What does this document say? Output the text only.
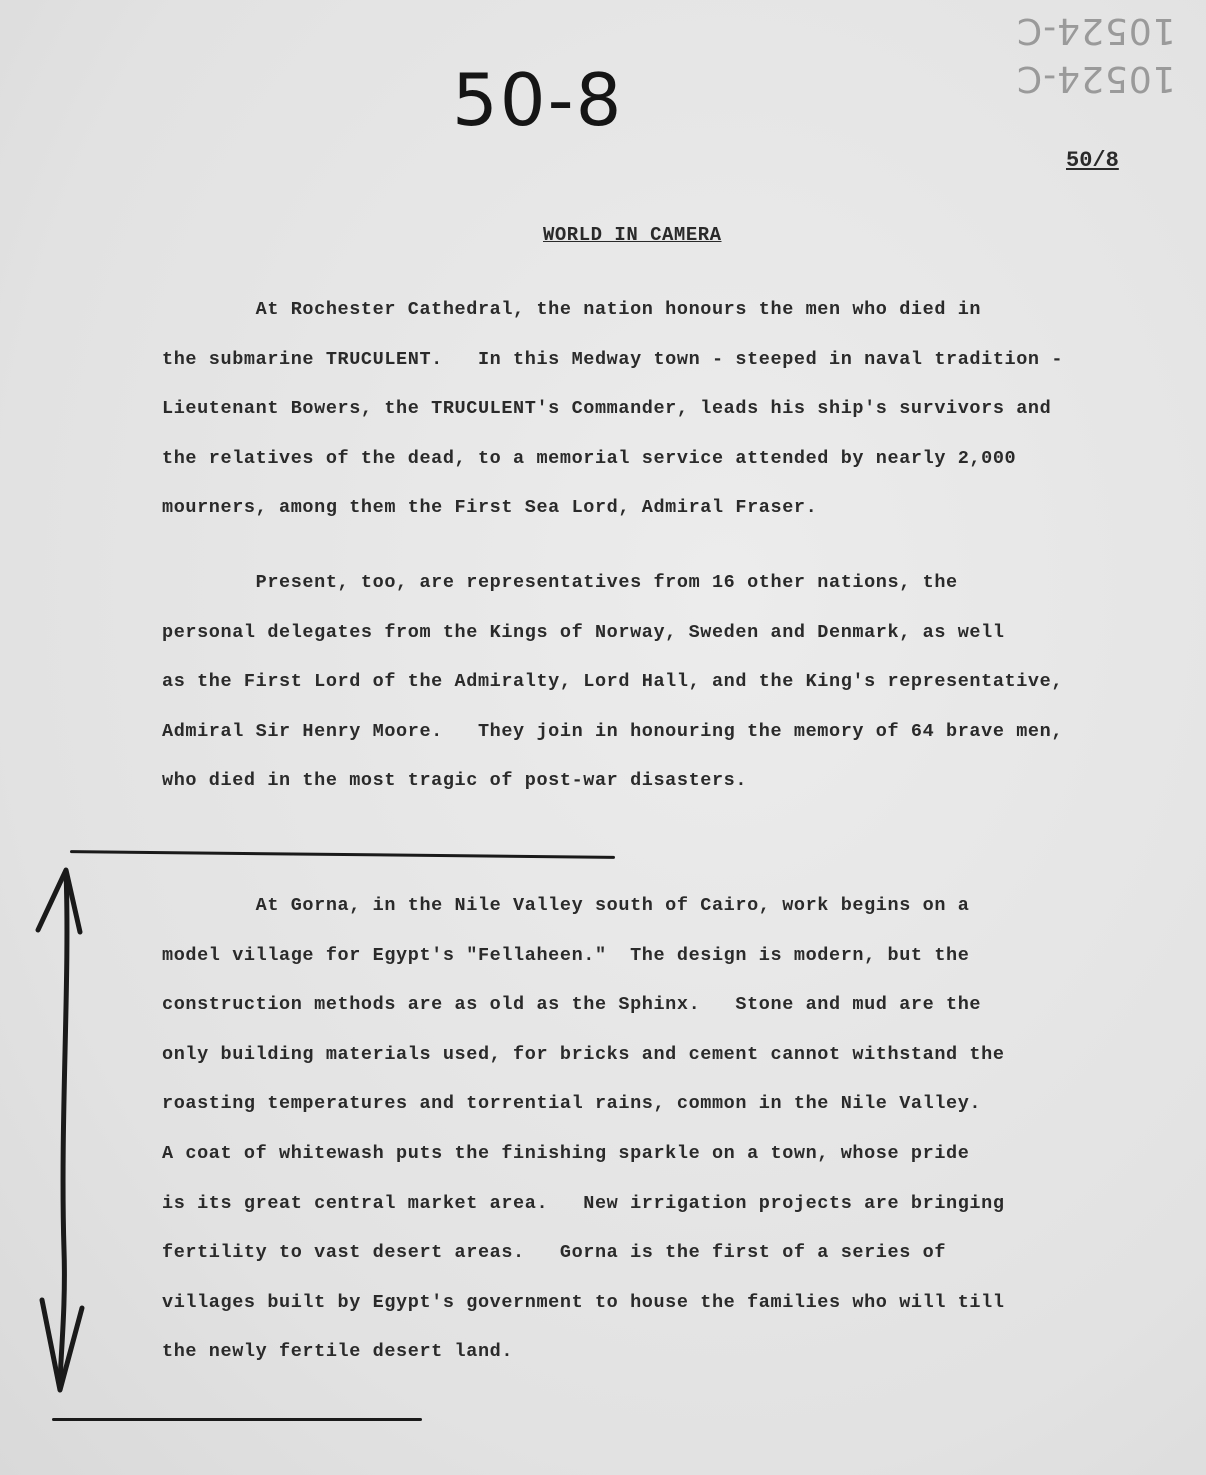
50-8
10524-C
10524-C
50/8
WORLD IN CAMERA
At Rochester Cathedral, the nation honours the men who died in
the submarine TRUCULENT.   In this Medway town - steeped in naval tradition -
Lieutenant Bowers, the TRUCULENT's Commander, leads his ship's survivors and
the relatives of the dead, to a memorial service attended by nearly 2,000
mourners, among them the First Sea Lord, Admiral Fraser.
Present, too, are representatives from 16 other nations, the
personal delegates from the Kings of Norway, Sweden and Denmark, as well
as the First Lord of the Admiralty, Lord Hall, and the King's representative,
Admiral Sir Henry Moore.   They join in honouring the memory of 64 brave men,
who died in the most tragic of post-war disasters.
At Gorna, in the Nile Valley south of Cairo, work begins on a
model village for Egypt's "Fellaheen."  The design is modern, but the
construction methods are as old as the Sphinx.   Stone and mud are the
only building materials used, for bricks and cement cannot withstand the
roasting temperatures and torrential rains, common in the Nile Valley.
A coat of whitewash puts the finishing sparkle on a town, whose pride
is its great central market area.   New irrigation projects are bringing
fertility to vast desert areas.   Gorna is the first of a series of
villages built by Egypt's government to house the families who will till
the newly fertile desert land.
